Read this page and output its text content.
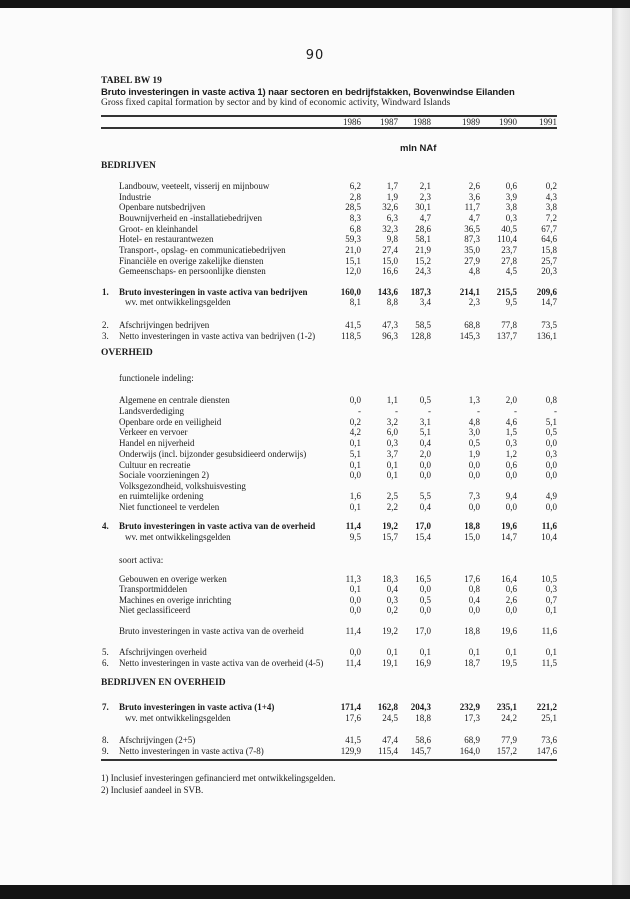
90
TABEL BW 19
Bruto investeringen in vaste activa 1) naar sectoren en bedrijfstakken, Bovenwindse Eilanden
Gross fixed capital formation by sector and by kind of economic activity, Windward Islands
1986	1987	1988	1989	1990	1991
mln NAf
BEDRIJVEN
OVERHEID
functionele indeling:
soort activa:
BEDRIJVEN EN OVERHEID
Landbouw, veeteelt, visserij en mijnbouw	6,2	1,7	2,1	2,6	0,6	0,2
Industrie	2,8	1,9	2,3	3,6	3,9	4,3
Openbare nutsbedrijven	28,5	32,6	30,1	11,7	3,8	3,8
Bouwnijverheid en -installatiebedrijven	8,3	6,3	4,7	4,7	0,3	7,2
Groot- en kleinhandel	6,8	32,3	28,6	36,5	40,5	67,7
Hotel- en restaurantwezen	59,3	9,8	58,1	87,3	110,4	64,6
Transport-, opslag- en communicatiebedrijven	21,0	27,4	21,9	35,0	23,7	15,8
Financiële en overige zakelijke diensten	15,1	15,0	15,2	27,9	27,8	25,7
Gemeenschaps- en persoonlijke diensten	12,0	16,6	24,3	4,8	4,5	20,3
1. Bruto investeringen in vaste activa van bedrijven	160,0	143,6	187,3	214,1	215,5	209,6
wv. met ontwikkelingsgelden	8,1	8,8	3,4	2,3	9,5	14,7
2. Afschrijvingen bedrijven	41,5	47,3	58,5	68,8	77,8	73,5
3. Netto investeringen in vaste activa van bedrijven (1-2)	118,5	96,3	128,8	145,3	137,7	136,1
Algemene en centrale diensten	0,0	1,1	0,5	1,3	2,0	0,8
Landsverdediging	-	-	-	-	-	-
Openbare orde en veiligheid	0,2	3,2	3,1	4,8	4,6	5,1
Verkeer en vervoer	4,2	6,0	5,1	3,0	1,5	0,5
Handel en nijverheid	0,1	0,3	0,4	0,5	0,3	0,0
Onderwijs (incl. bijzonder gesubsidieerd onderwijs)	5,1	3,7	2,0	1,9	1,2	0,3
Cultuur en recreatie	0,1	0,1	0,0	0,0	0,6	0,0
Sociale voorzieningen 2)	0,0	0,1	0,0	0,0	0,0	0,0
Volksgezondheid, volkshuisvesting
en ruimtelijke ordening	1,6	2,5	5,5	7,3	9,4	4,9
Niet functioneel te verdelen	0,1	2,2	0,4	0,0	0,0	0,0
4. Bruto investeringen in vaste activa van de overheid	11,4	19,2	17,0	18,8	19,6	11,6
wv. met ontwikkelingsgelden	9,5	15,7	15,4	15,0	14,7	10,4
Gebouwen en overige werken	11,3	18,3	16,5	17,6	16,4	10,5
Transportmiddelen	0,1	0,4	0,0	0,8	0,6	0,3
Machines en overige inrichting	0,0	0,3	0,5	0,4	2,6	0,7
Niet geclassificeerd	0,0	0,2	0,0	0,0	0,0	0,1
Bruto investeringen in vaste activa van de overheid	11,4	19,2	17,0	18,8	19,6	11,6
5. Afschrijvingen overheid	0,0	0,1	0,1	0,1	0,1	0,1
6. Netto investeringen in vaste activa van de overheid (4-5)	11,4	19,1	16,9	18,7	19,5	11,5
7. Bruto investeringen in vaste activa (1+4)	171,4	162,8	204,3	232,9	235,1	221,2
wv. met ontwikkelingsgelden	17,6	24,5	18,8	17,3	24,2	25,1
8. Afschrijvingen (2+5)	41,5	47,4	58,6	68,9	77,9	73,6
9. Netto investeringen in vaste activa (7-8)	129,9	115,4	145,7	164,0	157,2	147,6
1) Inclusief investeringen gefinancierd met ontwikkelingsgelden.
2) Inclusief aandeel in SVB.
